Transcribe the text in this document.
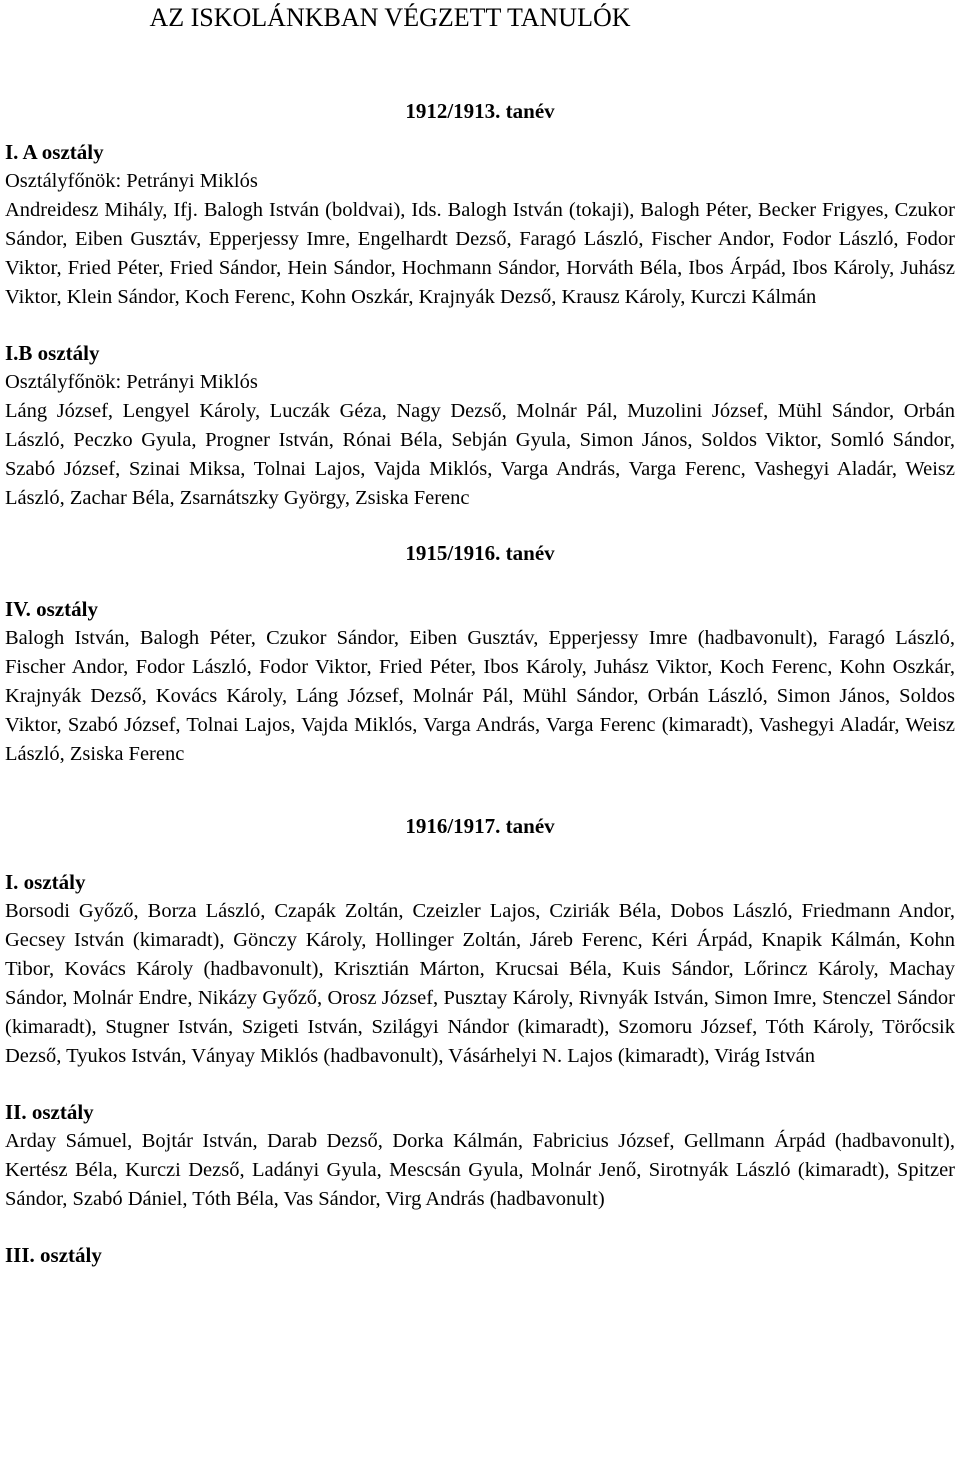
AZ ISKOLÁNKBAN VÉGZETT TANULÓK
1912/1913. tanév
I. A osztály
Osztályfőnök: Petrányi Miklós
Andreidesz Mihály, Ifj. Balogh István (boldvai), Ids. Balogh István (tokaji), Balogh Péter, Becker Frigyes, Czukor Sándor, Eiben Gusztáv, Epperjessy Imre, Engelhardt Dezső, Faragó László, Fischer Andor, Fodor László, Fodor Viktor, Fried Péter, Fried Sándor, Hein Sándor, Hochmann Sándor, Horváth Béla, Ibos Árpád, Ibos Károly, Juhász Viktor, Klein Sándor, Koch Ferenc, Kohn Oszkár, Krajnyák Dezső, Krausz Károly, Kurczi Kálmán
I.B osztály
Osztályfőnök: Petrányi Miklós
Láng József, Lengyel Károly, Luczák Géza, Nagy Dezső, Molnár Pál, Muzolini József, Mühl Sándor, Orbán László, Peczko Gyula, Progner István, Rónai Béla, Sebján Gyula, Simon János, Soldos Viktor, Somló Sándor, Szabó József, Szinai Miksa, Tolnai Lajos, Vajda Miklós, Varga András, Varga Ferenc, Vashegyi Aladár, Weisz László, Zachar Béla, Zsarnátszky György, Zsiska Ferenc
1915/1916. tanév
IV. osztály
Balogh István, Balogh Péter, Czukor Sándor, Eiben Gusztáv, Epperjessy Imre (hadbavonult), Faragó László, Fischer Andor, Fodor László, Fodor Viktor, Fried Péter, Ibos Károly, Juhász Viktor, Koch Ferenc, Kohn Oszkár, Krajnyák Dezső, Kovács Károly, Láng József, Molnár Pál, Mühl Sándor, Orbán László, Simon János, Soldos Viktor, Szabó József, Tolnai Lajos, Vajda Miklós, Varga András, Varga Ferenc (kimaradt), Vashegyi Aladár, Weisz László, Zsiska Ferenc
1916/1917. tanév
I. osztály
Borsodi Győző, Borza László, Czapák Zoltán, Czeizler Lajos, Cziriák Béla, Dobos László, Friedmann Andor, Gecsey István (kimaradt), Gönczy Károly, Hollinger Zoltán, Járeb Ferenc, Kéri Árpád, Knapik Kálmán, Kohn Tibor, Kovács Károly (hadbavonult), Krisztián Márton, Krucsai Béla, Kuis Sándor, Lőrincz Károly, Machay Sándor, Molnár Endre, Nikázy Győző, Orosz József, Pusztay Károly, Rivnyák István, Simon Imre, Stenczel Sándor (kimaradt), Stugner István, Szigeti István, Szilágyi Nándor (kimaradt), Szomoru József, Tóth Károly, Törőcsik Dezső, Tyukos István, Ványay Miklós (hadbavonult), Vásárhelyi N. Lajos (kimaradt), Virág István
II. osztály
Arday Sámuel, Bojtár István, Darab Dezső, Dorka Kálmán, Fabricius József, Gellmann Árpád (hadbavonult), Kertész Béla, Kurczi Dezső, Ladányi Gyula, Mescsán Gyula, Molnár Jenő, Sirotnyák László (kimaradt), Spitzer Sándor, Szabó Dániel, Tóth Béla, Vas Sándor, Virg András (hadbavonult)
III. osztály
